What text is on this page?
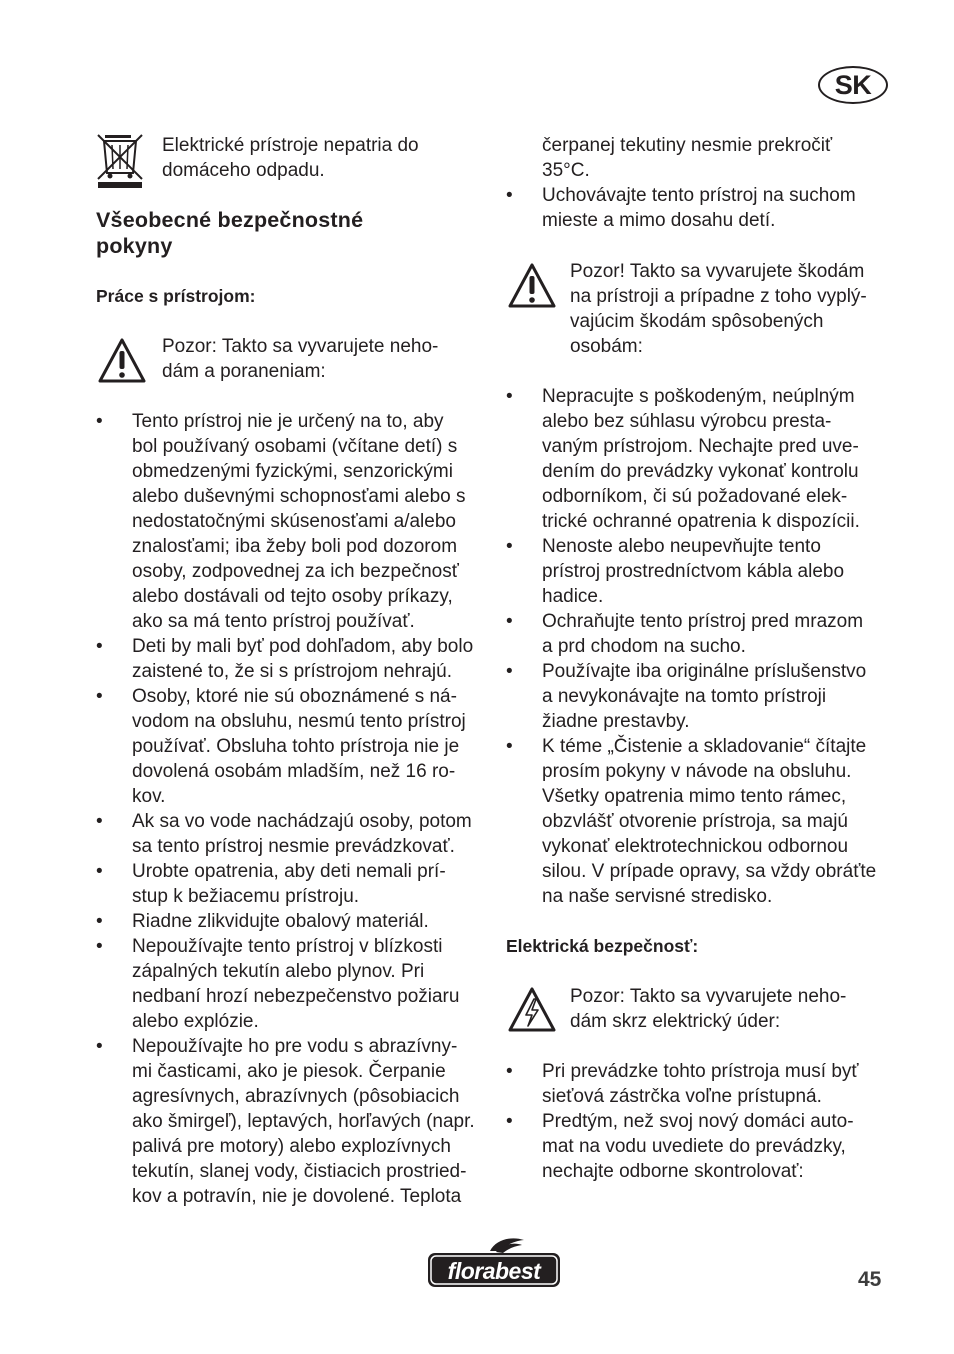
SK
Elektrické prístroje nepatria do
domáceho odpadu.
Všeobecné bezpečnostné
pokyny
Práce s prístrojom:
Pozor: Takto sa vyvarujete neho-
dám a poraneniam:
• Tento prístroj nie je určený na to, aby
bol používaný osobami (včítane detí) s
obmedzenými fyzickými, senzorickými
alebo duševnými schopnosťami alebo s
nedostatočnými skúsenosťami a/alebo
znalosťami; iba žeby boli pod dozorom
osoby, zodpovednej za ich bezpečnosť
alebo dostávali od tejto osoby príkazy,
ako sa má tento prístroj používať.
• Deti by mali byť pod dohľadom, aby bolo
zaistené to, že si s prístrojom nehrajú.
• Osoby, ktoré nie sú oboznámené s ná-
vodom na obsluhu, nesmú tento prístroj
používať. Obsluha tohto prístroja nie je
dovolená osobám mladším, než 16 ro-
kov.
• Ak sa vo vode nachádzajú osoby, potom
sa tento prístroj nesmie prevádzkovať.
• Urobte opatrenia, aby deti nemali prí-
stup k bežiacemu prístroju.
• Riadne zlikvidujte obalový materiál.
• Nepoužívajte tento prístroj v blízkosti
zápalných tekutín alebo plynov. Pri
nedbaní hrozí nebezpečenstvo požiaru
alebo explózie.
• Nepoužívajte ho pre vodu s abrazívny-
mi časticami, ako je piesok. Čerpanie
agresívnych, abrazívnych (pôsobiacich
ako šmirgeľ), leptavých, horľavých (napr.
palivá pre motory) alebo explozívnych
tekutín, slanej vody, čistiacich prostried-
kov a potravín, nie je dovolené. Teplota
čerpanej tekutiny nesmie prekročiť
35°C.
• Uchovávajte tento prístroj na suchom
mieste a mimo dosahu detí.
Pozor! Takto sa vyvarujete škodám
na prístroji a prípadne z toho vyplý-
vajúcim škodám spôsobených
osobám:
• Nepracujte s poškodeným, neúplným
alebo bez súhlasu výrobcu presta-
vaným prístrojom. Nechajte pred uve-
dením do prevádzky vykonať kontrolu
odborníkom, či sú požadované elek-
trické ochranné opatrenia k dispozícii.
• Nenoste alebo neupevňujte tento
prístroj prostredníctvom kábla alebo
hadice.
• Ochraňujte tento prístroj pred mrazom
a prd chodom na sucho.
• Používajte iba originálne príslušenstvo
a nevykonávajte na tomto prístroji
žiadne prestavby.
• K téme „Čistenie a skladovanie“ čítajte
prosím pokyny v návode na obsluhu.
Všetky opatrenia mimo tento rámec,
obzvlášť otvorenie prístroja, sa majú
vykonať elektrotechnickou odbornou
silou. V prípade opravy, sa vždy obráťte
na naše servisné stredisko.
Elektrická bezpečnosť:
Pozor: Takto sa vyvarujete neho-
dám skrz elektrický úder:
• Pri prevádzke tohto prístroja musí byť
sieťová zástrčka voľne prístupná.
• Predtým, než svoj nový domáci auto-
mat na vodu uvediete do prevádzky,
nechajte odborne skontrolovať:
florabest	45
